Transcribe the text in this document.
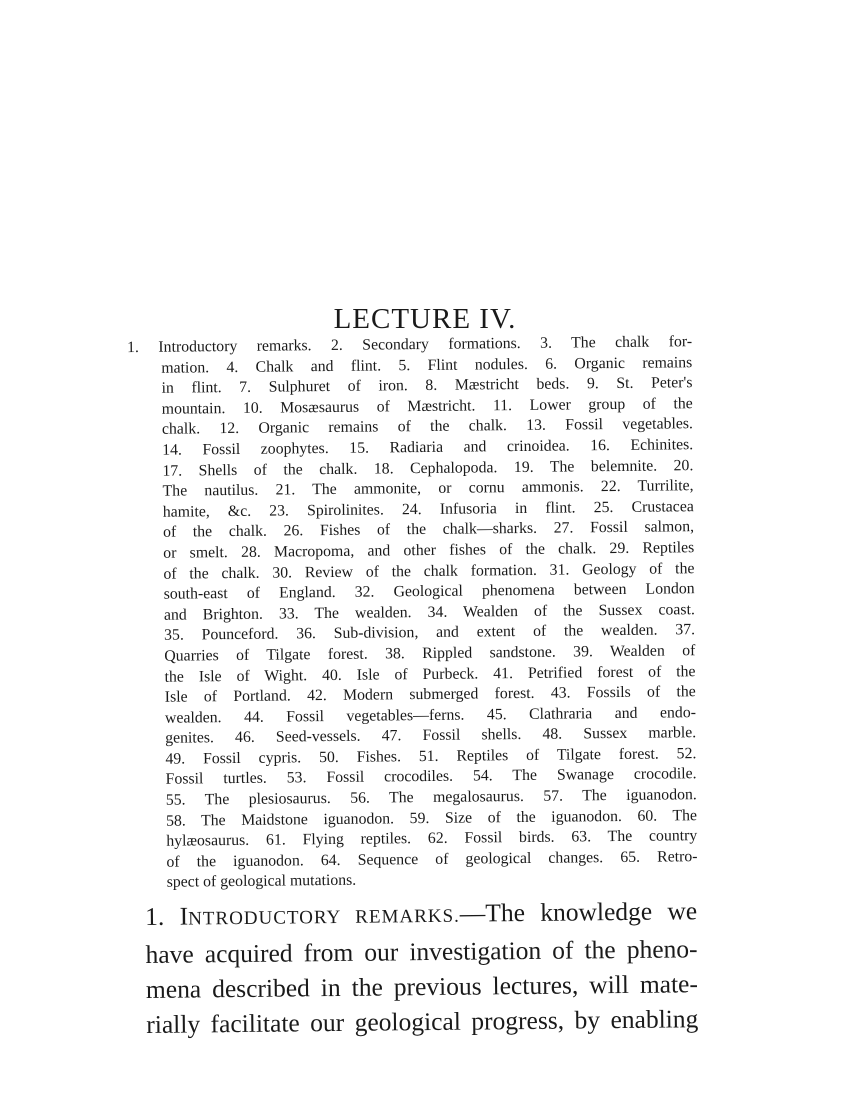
LECTURE IV.
1. Introductory remarks. 2. Secondary formations. 3. The chalk for-
mation. 4. Chalk and flint. 5. Flint nodules. 6. Organic remains
in flint. 7. Sulphuret of iron. 8. Mæstricht beds. 9. St. Peter's
mountain. 10. Mosæsaurus of Mæstricht. 11. Lower group of the
chalk. 12. Organic remains of the chalk. 13. Fossil vegetables.
14. Fossil zoophytes. 15. Radiaria and crinoidea. 16. Echinites.
17. Shells of the chalk. 18. Cephalopoda. 19. The belemnite. 20.
The nautilus. 21. The ammonite, or cornu ammonis. 22. Turrilite,
hamite, &c. 23. Spirolinites. 24. Infusoria in flint. 25. Crustacea
of the chalk. 26. Fishes of the chalk—sharks. 27. Fossil salmon,
or smelt. 28. Macropoma, and other fishes of the chalk. 29. Reptiles
of the chalk. 30. Review of the chalk formation. 31. Geology of the
south-east of England. 32. Geological phenomena between London
and Brighton. 33. The wealden. 34. Wealden of the Sussex coast.
35. Pounceford. 36. Sub-division, and extent of the wealden. 37.
Quarries of Tilgate forest. 38. Rippled sandstone. 39. Wealden of
the Isle of Wight. 40. Isle of Purbeck. 41. Petrified forest of the
Isle of Portland. 42. Modern submerged forest. 43. Fossils of the
wealden. 44. Fossil vegetables—ferns. 45. Clathraria and endo-
genites. 46. Seed-vessels. 47. Fossil shells. 48. Sussex marble.
49. Fossil cypris. 50. Fishes. 51. Reptiles of Tilgate forest. 52.
Fossil turtles. 53. Fossil crocodiles. 54. The Swanage crocodile.
55. The plesiosaurus. 56. The megalosaurus. 57. The iguanodon.
58. The Maidstone iguanodon. 59. Size of the iguanodon. 60. The
hylæosaurus. 61. Flying reptiles. 62. Fossil birds. 63. The country
of the iguanodon. 64. Sequence of geological changes. 65. Retro-
spect of geological mutations.
1. INTRODUCTORY REMARKS.—The knowledge we
have acquired from our investigation of the pheno-
mena described in the previous lectures, will mate-
rially facilitate our geological progress, by enabling
